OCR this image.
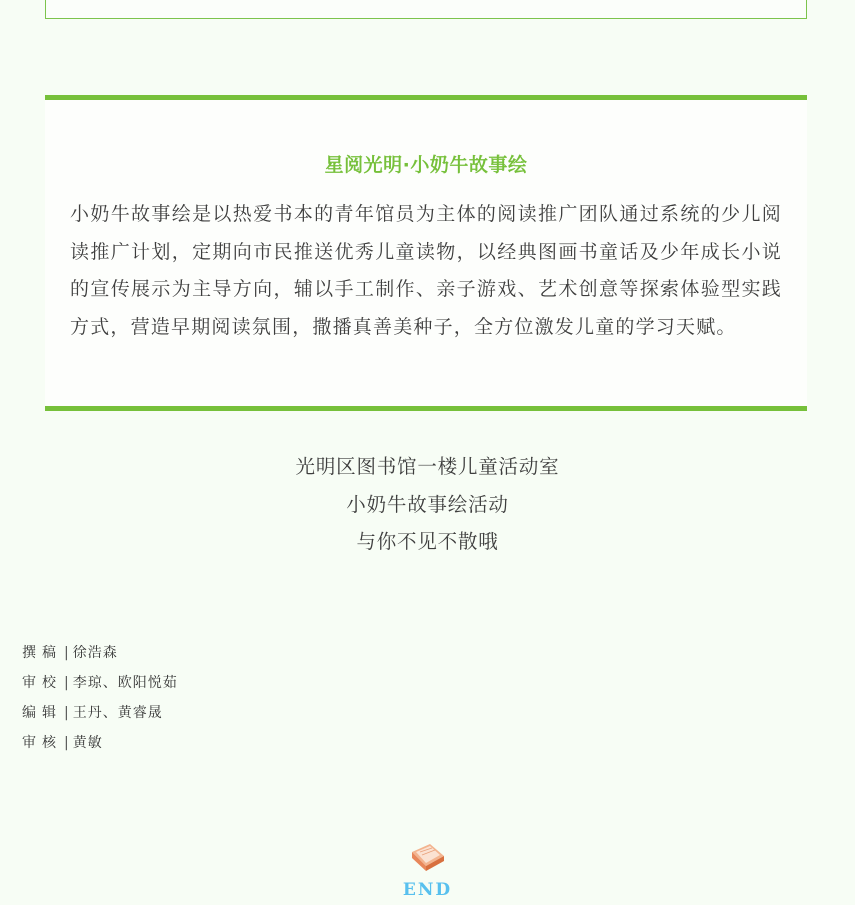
星阅光明·小奶牛故事绘

小奶牛故事绘是以热爱书本的青年馆员为主体的阅读推广团队通过系统的少儿阅读推广计划，定期向市民推送优秀儿童读物，以经典图画书童话及少年成长小说的宣传展示为主导方向，辅以手工制作、亲子游戏、艺术创意等探索体验型实践方式，营造早期阅读氛围，撒播真善美种子，全方位激发儿童的学习天赋。

光明区图书馆一楼儿童活动室
小奶牛故事绘活动
与你不见不散哦
撰稿 | 徐浩森
审校 | 李琼、欧阳悦茹
编辑 | 王丹、黄睿晟
审核 | 黄敏
END
